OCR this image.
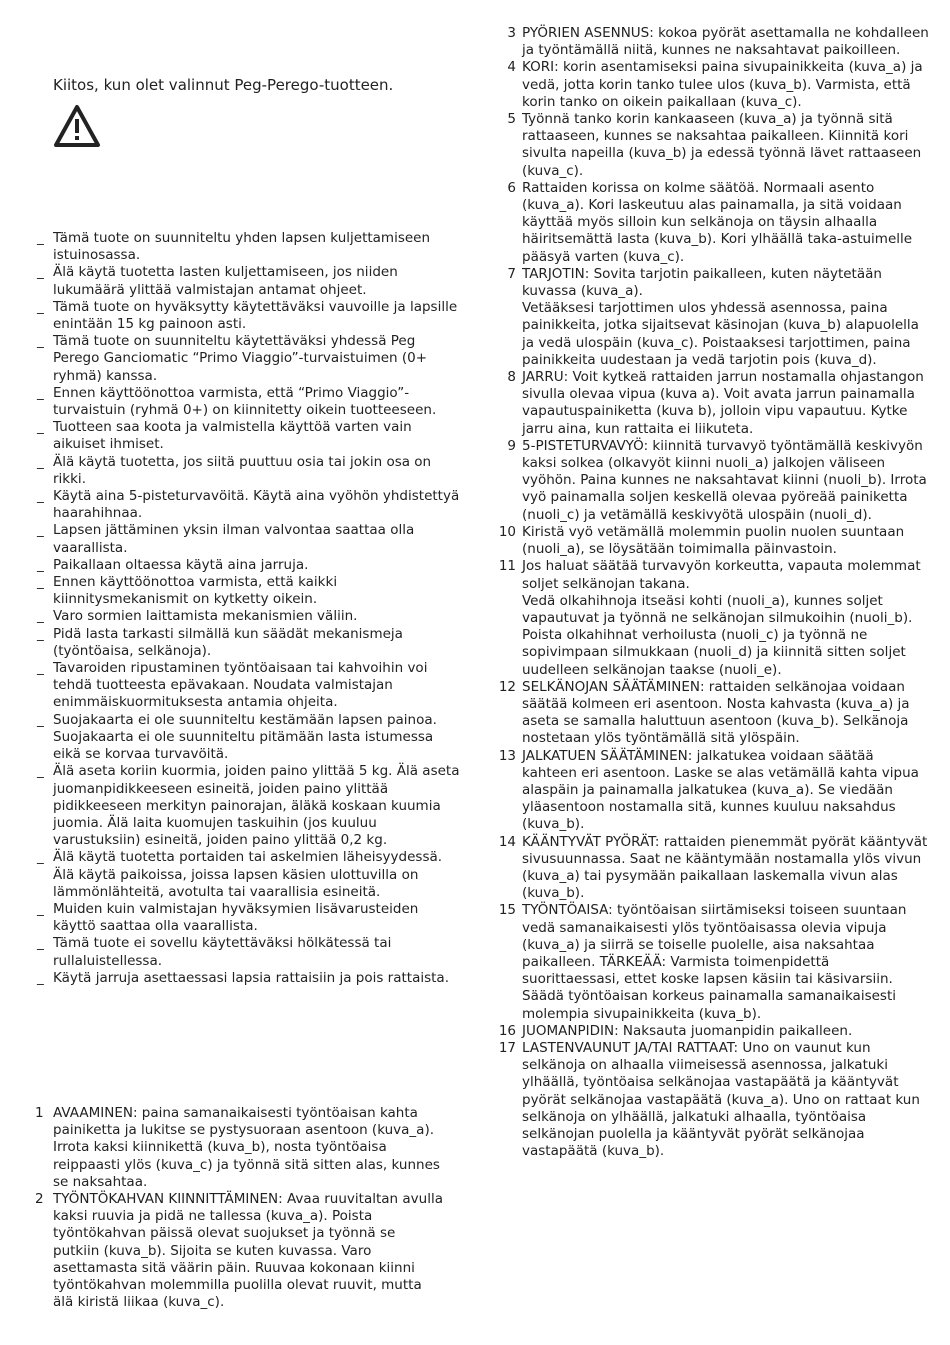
Kiitos, kun olet valinnut Peg-Perego-tuotteen.
_ Tämä tuote on suunniteltu yhden lapsen kuljettamiseen istuinosassa.
_ Älä käytä tuotetta lasten kuljettamiseen, jos niiden lukumäärä ylittää valmistajan antamat ohjeet.
_ Tämä tuote on hyväksytty käytettäväksi vauvoille ja lapsille enintään 15 kg painoon asti.
_ Tämä tuote on suunniteltu käytettäväksi yhdessä Peg Perego Ganciomatic “Primo Viaggio”-turvaistuimen (0+ ryhmä) kanssa.
_ Ennen käyttöönottoa varmista, että “Primo Viaggio”-turvaistuin (ryhmä 0+) on kiinnitetty oikein tuotteeseen.
_ Tuotteen saa koota ja valmistella käyttöä varten vain aikuiset ihmiset.
_ Älä käytä tuotetta, jos siitä puuttuu osia tai jokin osa on rikki.
_ Käytä aina 5-pisteturvavöitä. Käytä aina vyöhön yhdistettyä haarahihnaa.
_ Lapsen jättäminen yksin ilman valvontaa saattaa olla vaarallista.
_ Paikallaan oltaessa käytä aina jarruja.
_ Ennen käyttöönottoa varmista, että kaikki kiinnitysmekanismit on kytketty oikein.
_ Varo sormien laittamista mekanismien väliin.
_ Pidä lasta tarkasti silmällä kun säädät mekanismeja (työntöaisa, selkänoja).
_ Tavaroiden ripustaminen työntöaisaan tai kahvoihin voi tehdä tuotteesta epävakaan. Noudata valmistajan enimmäiskuormituksesta antamia ohjeita.
_ Suojakaarta ei ole suunniteltu kestämään lapsen painoa. Suojakaarta ei ole suunniteltu pitämään lasta istumessa eikä se korvaa turvavöitä.
_ Älä aseta koriin kuormia, joiden paino ylittää 5 kg. Älä aseta juomanpidikkeeseen esineitä, joiden paino ylittää pidikkeeseen merkityn painorajan, äläkä koskaan kuumia juomia. Älä laita kuomujen taskuihin (jos kuuluu varustuksiin) esineitä, joiden paino ylittää 0,2 kg.
_ Älä käytä tuotetta portaiden tai askelmien läheisyydessä. Älä käytä paikoissa, joissa lapsen käsien ulottuvilla on lämmönlähteitä, avotulta tai vaarallisia esineitä.
_ Muiden kuin valmistajan hyväksymien lisävarusteiden käyttö saattaa olla vaarallista.
_ Tämä tuote ei sovellu käytettäväksi hölkätessä tai rullaluistellessa.
_ Käytä jarruja asettaessasi lapsia rattaisiin ja pois rattaista.
1 AVAAMINEN: paina samanaikaisesti työntöaisan kahta painiketta ja lukitse se pystysuoraan asentoon (kuva_a). Irrota kaksi kiinnikettä (kuva_b), nosta työntöaisa reippaasti ylös (kuva_c) ja työnnä sitä sitten alas, kunnes se naksahtaa.
2 TYÖNTÖKAHVAN KIINNITTÄMINEN: Avaa ruuvitaltan avulla kaksi ruuvia ja pidä ne tallessa (kuva_a). Poista työntökahvan päissä olevat suojukset ja työnnä se putkiin (kuva_b). Sijoita se kuten kuvassa. Varo asettamasta sitä väärin päin. Ruuvaa kokonaan kiinni työntökahvan molemmilla puolilla olevat ruuvit, mutta älä kiristä liikaa (kuva_c).
3 PYÖRIEN ASENNUS: kokoa pyörät asettamalla ne kohdalleen ja työntämällä niitä, kunnes ne naksahtavat paikoilleen.
4 KORI: korin asentamiseksi paina sivupainikkeita (kuva_a) ja vedä, jotta korin tanko tulee ulos (kuva_b). Varmista, että korin tanko on oikein paikallaan (kuva_c).
5 Työnnä tanko korin kankaaseen (kuva_a) ja työnnä sitä rattaaseen, kunnes se naksahtaa paikalleen. Kiinnitä kori sivulta napeilla (kuva_b) ja edessä työnnä lävet rattaaseen (kuva_c).
6 Rattaiden korissa on kolme säätöä. Normaali asento (kuva_a). Kori laskeutuu alas painamalla, ja sitä voidaan käyttää myös silloin kun selkänoja on täysin alhaalla häiritsemättä lasta (kuva_b). Kori ylhäällä taka-astuimelle pääsyä varten (kuva_c).
7 TARJOTIN: Sovita tarjotin paikalleen, kuten näytetään kuvassa (kuva_a).
Vetääksesi tarjottimen ulos yhdessä asennossa, paina painikkeita, jotka sijaitsevat käsinojan (kuva_b) alapuolella ja vedä ulospäin (kuva_c). Poistaaksesi tarjottimen, paina painikkeita uudestaan ja vedä tarjotin pois (kuva_d).
8 JARRU: Voit kytkeä rattaiden jarrun nostamalla ohjastangon sivulla olevaa vipua (kuva a). Voit avata jarrun painamalla vapautuspainiketta (kuva b), jolloin vipu vapautuu. Kytke jarru aina, kun rattaita ei liikuteta.
9 5-PISTETURVAVYÖ: kiinnitä turvavyö työntämällä keskivyön kaksi solkea (olkavyöt kiinni nuoli_a) jalkojen väliseen vyöhön. Paina kunnes ne naksahtavat kiinni (nuoli_b). Irrota vyö painamalla soljen keskellä olevaa pyöreää painiketta (nuoli_c) ja vetämällä keskivyötä ulospäin (nuoli_d).
10 Kiristä vyö vetämällä molemmin puolin nuolen suuntaan (nuoli_a), se löysätään toimimalla päinvastoin.
11 Jos haluat säätää turvavyön korkeutta, vapauta molemmat soljet selkänojan takana.
Vedä olkahihnoja itseäsi kohti (nuoli_a), kunnes soljet vapautuvat ja työnnä ne selkänojan silmukoihin (nuoli_b). Poista olkahihnat verhoilusta (nuoli_c) ja työnnä ne sopivimpaan silmukkaan (nuoli_d) ja kiinnitä sitten soljet uudelleen selkänojan taakse (nuoli_e).
12 SELKÄNOJAN SÄÄTÄMINEN: rattaiden selkänojaa voidaan säätää kolmeen eri asentoon. Nosta kahvasta (kuva_a) ja aseta se samalla haluttuun asentoon (kuva_b). Selkänoja nostetaan ylös työntämällä sitä ylöspäin.
13 JALKATUEN SÄÄTÄMINEN: jalkatukea voidaan säätää kahteen eri asentoon. Laske se alas vetämällä kahta vipua alaspäin ja painamalla jalkatukea (kuva_a). Se viedään yläasentoon nostamalla sitä, kunnes kuuluu naksahdus (kuva_b).
14 KÄÄNTYVÄT PYÖRÄT: rattaiden pienemmät pyörät kääntyvät sivusuunnassa. Saat ne kääntymään nostamalla ylös vivun (kuva_a) tai pysymään paikallaan laskemalla vivun alas (kuva_b).
15 TYÖNTÖAISA: työntöaisan siirtämiseksi toiseen suuntaan vedä samanaikaisesti ylös työntöaisassa olevia vipuja (kuva_a) ja siirrä se toiselle puolelle, aisa naksahtaa paikalleen. TÄRKEÄÄ: Varmista toimenpidettä suorittaessasi, ettet koske lapsen käsiin tai käsivarsiin. Säädä työntöaisan korkeus painamalla samanaikaisesti molempia sivupainikkeita (kuva_b).
16 JUOMANPIDIN: Naksauta juomanpidin paikalleen.
17 LASTENVAUNUT JA/TAI RATTAAT: Uno on vaunut kun selkänoja on alhaalla viimeisessä asennossa, jalkatuki ylhäällä, työntöaisa selkänojaa vastapäätä ja kääntyvät pyörät selkänojaa vastapäätä (kuva_a). Uno on rattaat kun selkänoja on ylhäällä, jalkatuki alhaalla, työntöaisa selkänojan puolella ja kääntyvät pyörät selkänojaa vastapäätä (kuva_b).
